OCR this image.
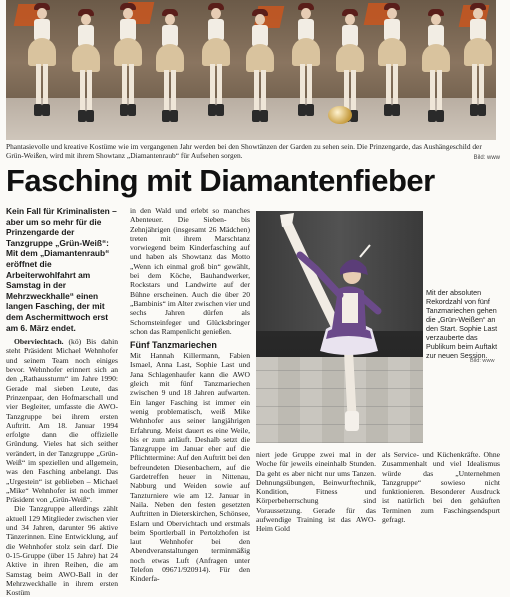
Phantasievolle und kreative Kostüme wie im vergangenen Jahr werden bei den Showtänzen der Garden zu sehen sein. Die Prinzengarde, das Aushängeschild der Grün-Weißen, wird mit ihrem Showtanz „Diamantenraub“ für Aufsehen sorgen.	Bild: www
Fasching mit Diamantenfieber

Kein Fall für Kriminalisten – aber um so mehr für die Prinzengarde der Tanzgruppe „Grün-Weiß“: Mit dem „Diamantenraub“ eröffnet die Arbeiterwohlfahrt am Samstag in der Mehrzweckhalle“ einen langen Fasching, der mit dem Aschermittwoch erst am 6. März endet.

Oberviechtach. (kö) Bis dahin steht Präsident Michael Wehnhofer und seinem Team noch einiges bevor. Wehnhofer erinnert sich an den „Rathaussturm“ im Jahre 1990: Gerade mal sieben Leute, das Prinzenpaar, den Hofmarschall und vier Begleiter, umfasste die AWO-Tanzgruppe bei ihrem ersten Auftritt. Am 18. Januar 1994 erfolgte dann die offizielle Gründung. Vieles hat sich seither verändert, in der Tanzgruppe „Grün-Weiß“ im speziellen und allgemein, was den Fasching anbelangt. Das „Urgestein“ ist geblieben – Michael „Mike“ Wehnhofer ist noch immer Präsident von „Grün-Weiß“.

Die Tanzgruppe allerdings zählt aktuell 129 Mitglieder zwischen vier und 34 Jahren, darunter 96 aktive Tänzerinnen. Eine Entwicklung, auf die Wehnhofer stolz sein darf. Die 0-15-Gruppe (über 15 Jahre) hat 24 Aktive in ihren Reihen, die am Samstag beim AWO-Ball in der Mehrzweckhalle in ihrem ersten Kostüm

in den Wald und erlebt so manches Abenteuer. Die Sieben- bis Zehnjährigen (insgesamt 26 Mädchen) treten mit ihrem Marschtanz vorwiegend beim Kinderfasching auf und haben als Showtanz das Motto „Wenn ich einmal groß bin“ gewählt, bei dem Köche, Bauhandwerker, Rockstars und Landwirte auf der Bühne erscheinen. Auch die über 20 „Bambinis“ im Alter zwischen vier und sechs Jahren dürfen als Schornsteinfeger und Glücksbringer schon das Rampenlicht genießen.

Fünf Tanzmariechen

Mit Hannah Killermann, Fabien Ismael, Anna Last, Sophie Last und Jana Schlagenhaufer kann die AWO gleich mit fünf Tanzmariechen zwischen 9 und 18 Jahren aufwarten. Ein langer Fasching ist immer ein wenig problematisch, weiß Mike Wehnhofer aus seiner langjährigen Erfahrung. Meist dauert es eine Weile, bis er zum anläuft. Deshalb setzt die Tanzgruppe im Januar eher auf die Pflichttermine: Auf den Auftritt bei den befreundeten Diesenbachern, auf die Gardetreffen heuer in Nittenau, Nabburg und Weiden sowie auf Tanzturniere wie am 12. Januar in Naila. Neben den festen gesetzten Auftritten in Dieterskirchen, Schönsee, Eslarn und Obervichtach und erstmals beim Sportlerball in Pertolzhofen ist laut Wehnhofer bei den Abendveranstaltungen terminmäßig noch etwas Luft (Anfragen unter Telefon 09671/920914). Für den Kinderfa-

Mit der absoluten Rekordzahl von fünf Tanzmariechen gehen die „Grün-Weißen“ an den Start. Sophie Last verzauberte das Publikum beim Auftakt zur neuen Session.
Bild: www

niert jede Gruppe zwei mal in der Woche für jeweils eineinhalb Stunden. Da geht es aber nicht nur ums Tanzen. Dehnungsübungen, Beinwurftechnik, Kondition, Fitness und Körperbeherrschung sind Voraussetzung. Gerade für das aufwendige Training ist das AWO-Heim Gold

als Service- und Küchenkräfte. Ohne Zusammenhalt und viel Idealismus würde das „Unternehmen Tanzgruppe“ sowieso nicht funktionieren. Besonderer Ausdruck ist natürlich bei den gehäuften Terminen zum Faschingsendspurt gefragt.
